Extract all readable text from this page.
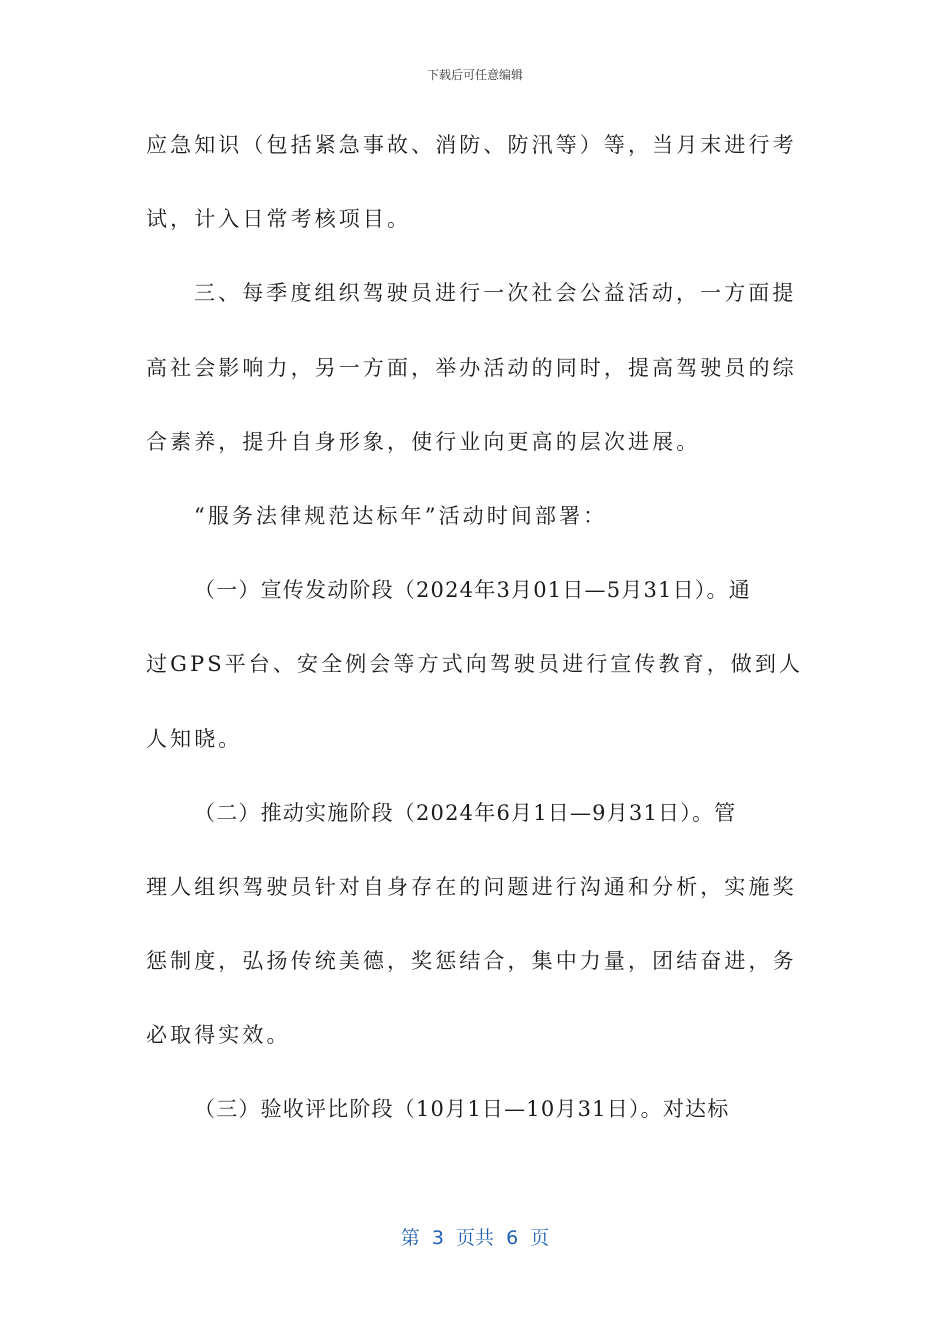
下载后可任意编辑
应急知识（包括紧急事故、消防、防汛等）等，当月末进行考
试，计入日常考核项目。
三、每季度组织驾驶员进行一次社会公益活动，一方面提
高社会影响力，另一方面，举办活动的同时，提高驾驶员的综
合素养，提升自身形象，使行业向更高的层次进展。
“服务法律规范达标年”活动时间部署：
（一）宣传发动阶段（2024年3月01日—5月31日）。通
过GPS平台、安全例会等方式向驾驶员进行宣传教育，做到人
人知晓。
（二）推动实施阶段（2024年6月1日—9月31日）。管
理人组织驾驶员针对自身存在的问题进行沟通和分析，实施奖
惩制度，弘扬传统美德，奖惩结合，集中力量，团结奋进，务
必取得实效。
（三）验收评比阶段（10月1日—10月31日）。对达标
第  3  页共  6  页
